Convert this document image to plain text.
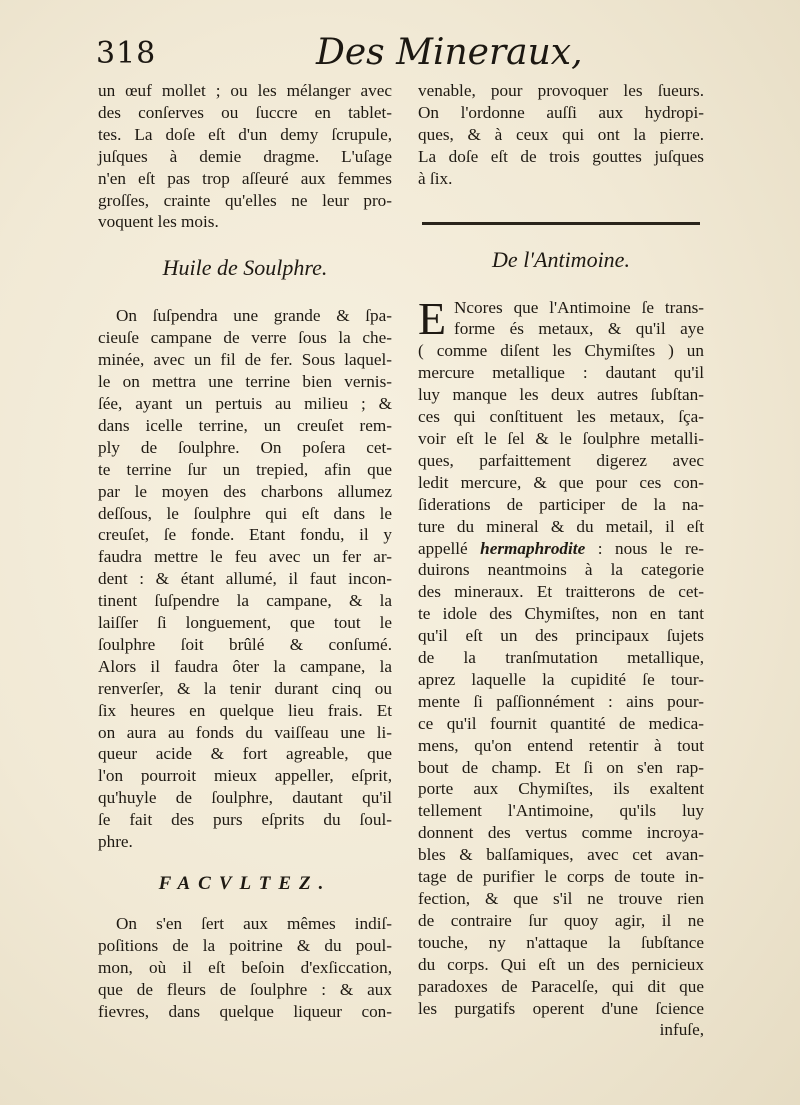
318	Des Mineraux,

un œuf mollet ; ou les mélanger avec
des conſerves ou ſuccre en tablet-
tes. La doſe eſt d'un demy ſcrupule,
juſques à demie dragme. L'uſage
n'en eſt pas trop aſſeuré aux femmes
groſſes, crainte qu'elles ne leur pro-
voquent les mois.

Huile de Soulphre.

On ſuſpendra une grande & ſpa-
cieuſe campane de verre ſous la che-
minée, avec un fil de fer. Sous laquel-
le on mettra une terrine bien vernis-
ſée, ayant un pertuis au milieu ; &
dans icelle terrine, un creuſet rem-
ply de ſoulphre. On poſera cet-
te terrine ſur un trepied, afin que
par le moyen des charbons allumez
deſſous, le ſoulphre qui eſt dans le
creuſet, ſe fonde. Etant fondu, il y
faudra mettre le feu avec un fer ar-
dent : & étant allumé, il faut incon-
tinent ſuſpendre la campane, & la
laiſſer ſi longuement, que tout le
ſoulphre ſoit brûlé & conſumé.
Alors il faudra ôter la campane, la
renverſer, & la tenir durant cinq ou
ſix heures en quelque lieu frais. Et
on aura au fonds du vaiſſeau une li-
queur acide & fort agreable, que
l'on pourroit mieux appeller, eſprit,
qu'huyle de ſoulphre, dautant qu'il
ſe fait des purs eſprits du ſoul-
phre.

FACVLTEZ.

On s'en ſert aux mêmes indiſ-
poſitions de la poitrine & du poul-
mon, où il eſt beſoin d'exſiccation,
que de fleurs de ſoulphre : & aux
fievres, dans quelque liqueur con-

venable, pour provoquer les ſueurs.
On l'ordonne auſſi aux hydropi-
ques, & à ceux qui ont la pierre.
La doſe eſt de trois gouttes juſques
à ſix.

De l'Antimoine.
E Ncores que l'Antimoine ſe trans-
forme és metaux, & qu'il aye
( comme diſent les Chymiſtes ) un
mercure metallique : dautant qu'il
luy manque les deux autres ſubſtan-
ces qui conſtituent les metaux, ſça-
voir eſt le ſel & le ſoulphre metalli-
ques, parfaittement digerez avec
ledit mercure, & que pour ces con-
ſiderations de participer de la na-
ture du mineral & du metail, il eſt
appellé hermaphrodite : nous le re-
duirons neantmoins à la categorie
des mineraux. Et traitterons de cet-
te idole des Chymiſtes, non en tant
qu'il eſt un des principaux ſujets
de la tranſmutation metallique,
aprez laquelle la cupidité ſe tour-
mente ſi paſſionnément : ains pour-
ce qu'il fournit quantité de medica-
mens, qu'on entend retentir à tout
bout de champ. Et ſi on s'en rap-
porte aux Chymiſtes, ils exaltent
tellement l'Antimoine, qu'ils luy
donnent des vertus comme incroya-
bles & balſamiques, avec cet avan-
tage de purifier le corps de toute in-
fection, & que s'il ne trouve rien
de contraire ſur quoy agir, il ne
touche, ny n'attaque la ſubſtance
du corps. Qui eſt un des pernicieux
paradoxes de Paracelſe, qui dit que
les purgatifs operent d'une ſcience
infuſe,
